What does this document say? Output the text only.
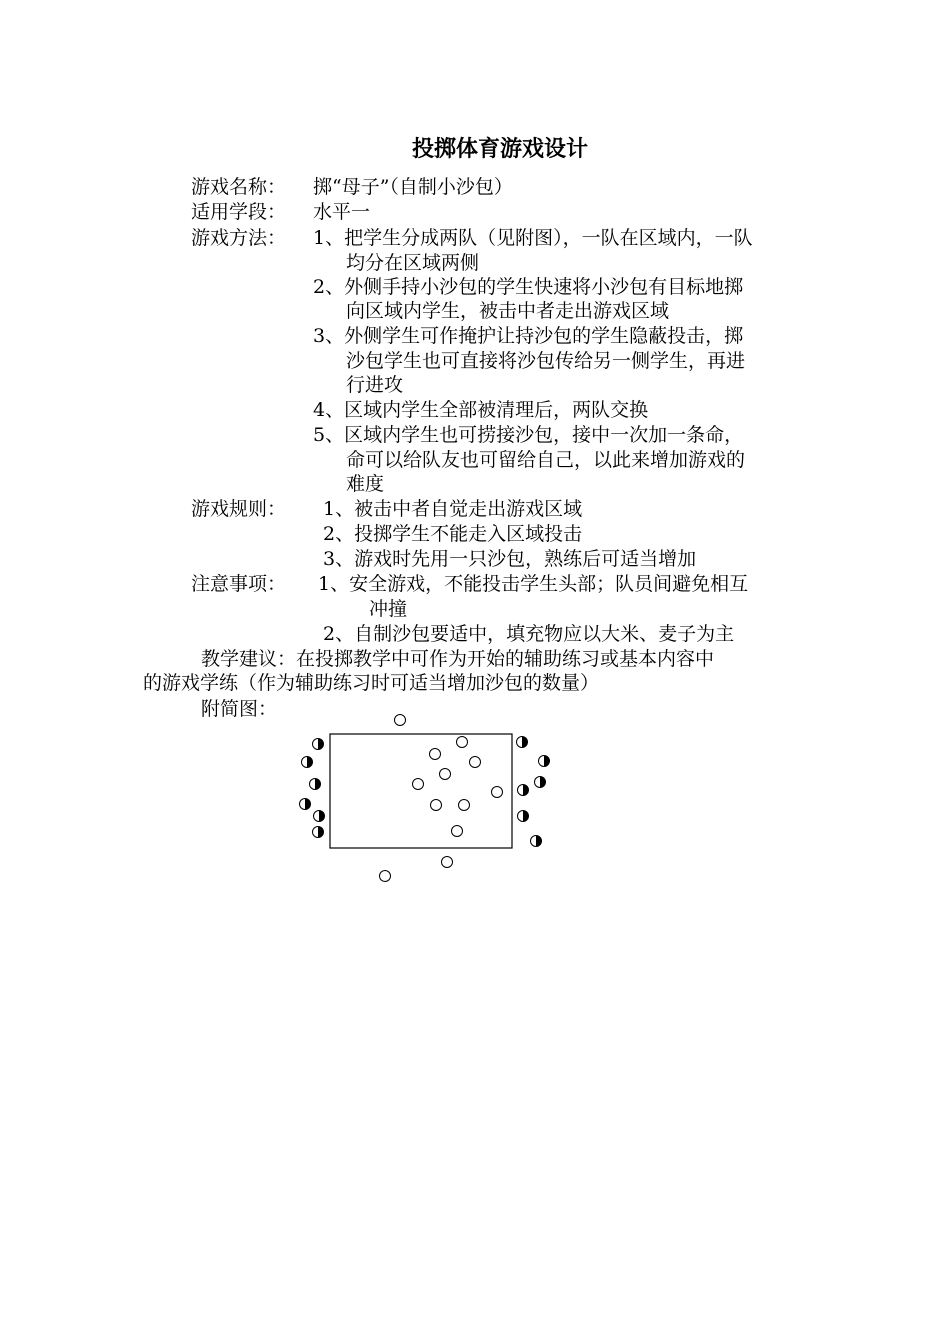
投掷体育游戏设计
游戏名称： 掷“母子”（自制小沙包）
适用学段： 水平一
游戏方法： 1、把学生分成两队（见附图），一队在区域内，一队
均分在区域两侧
2、外侧手持小沙包的学生快速将小沙包有目标地掷
向区域内学生，被击中者走出游戏区域
3、外侧学生可作掩护让持沙包的学生隐蔽投击，掷
沙包学生也可直接将沙包传给另一侧学生，再进
行进攻
4、区域内学生全部被清理后，两队交换
5、区域内学生也可捞接沙包，接中一次加一条命，
命可以给队友也可留给自己，以此来增加游戏的
难度
游戏规则： 1、被击中者自觉走出游戏区域
2、投掷学生不能走入区域投击
3、游戏时先用一只沙包，熟练后可适当增加
注意事项： 1、安全游戏，不能投击学生头部；队员间避免相互
冲撞
2、自制沙包要适中，填充物应以大米、麦子为主
教学建议：在投掷教学中可作为开始的辅助练习或基本内容中
的游戏学练（作为辅助练习时可适当增加沙包的数量）
附简图：
